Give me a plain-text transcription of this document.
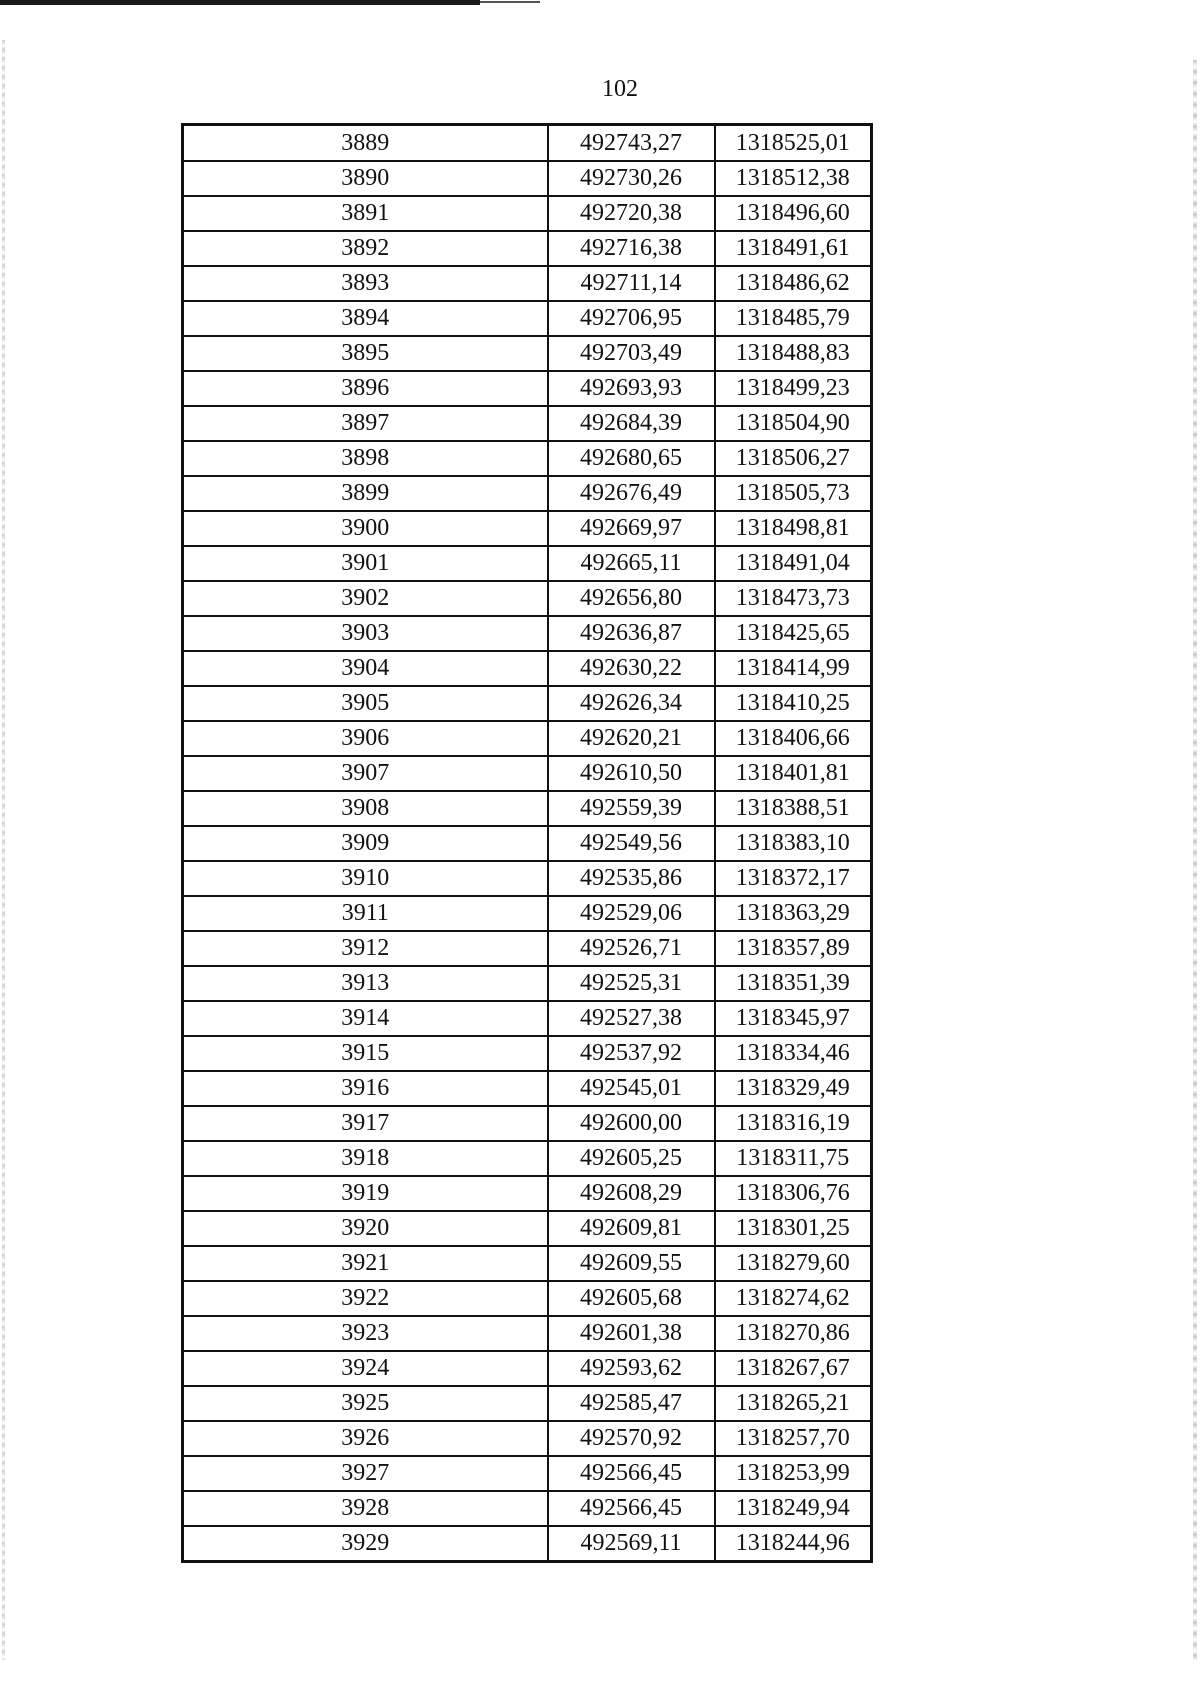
102
3889	492743,27	1318525,01
3890	492730,26	1318512,38
3891	492720,38	1318496,60
3892	492716,38	1318491,61
3893	492711,14	1318486,62
3894	492706,95	1318485,79
3895	492703,49	1318488,83
3896	492693,93	1318499,23
3897	492684,39	1318504,90
3898	492680,65	1318506,27
3899	492676,49	1318505,73
3900	492669,97	1318498,81
3901	492665,11	1318491,04
3902	492656,80	1318473,73
3903	492636,87	1318425,65
3904	492630,22	1318414,99
3905	492626,34	1318410,25
3906	492620,21	1318406,66
3907	492610,50	1318401,81
3908	492559,39	1318388,51
3909	492549,56	1318383,10
3910	492535,86	1318372,17
3911	492529,06	1318363,29
3912	492526,71	1318357,89
3913	492525,31	1318351,39
3914	492527,38	1318345,97
3915	492537,92	1318334,46
3916	492545,01	1318329,49
3917	492600,00	1318316,19
3918	492605,25	1318311,75
3919	492608,29	1318306,76
3920	492609,81	1318301,25
3921	492609,55	1318279,60
3922	492605,68	1318274,62
3923	492601,38	1318270,86
3924	492593,62	1318267,67
3925	492585,47	1318265,21
3926	492570,92	1318257,70
3927	492566,45	1318253,99
3928	492566,45	1318249,94
3929	492569,11	1318244,96
